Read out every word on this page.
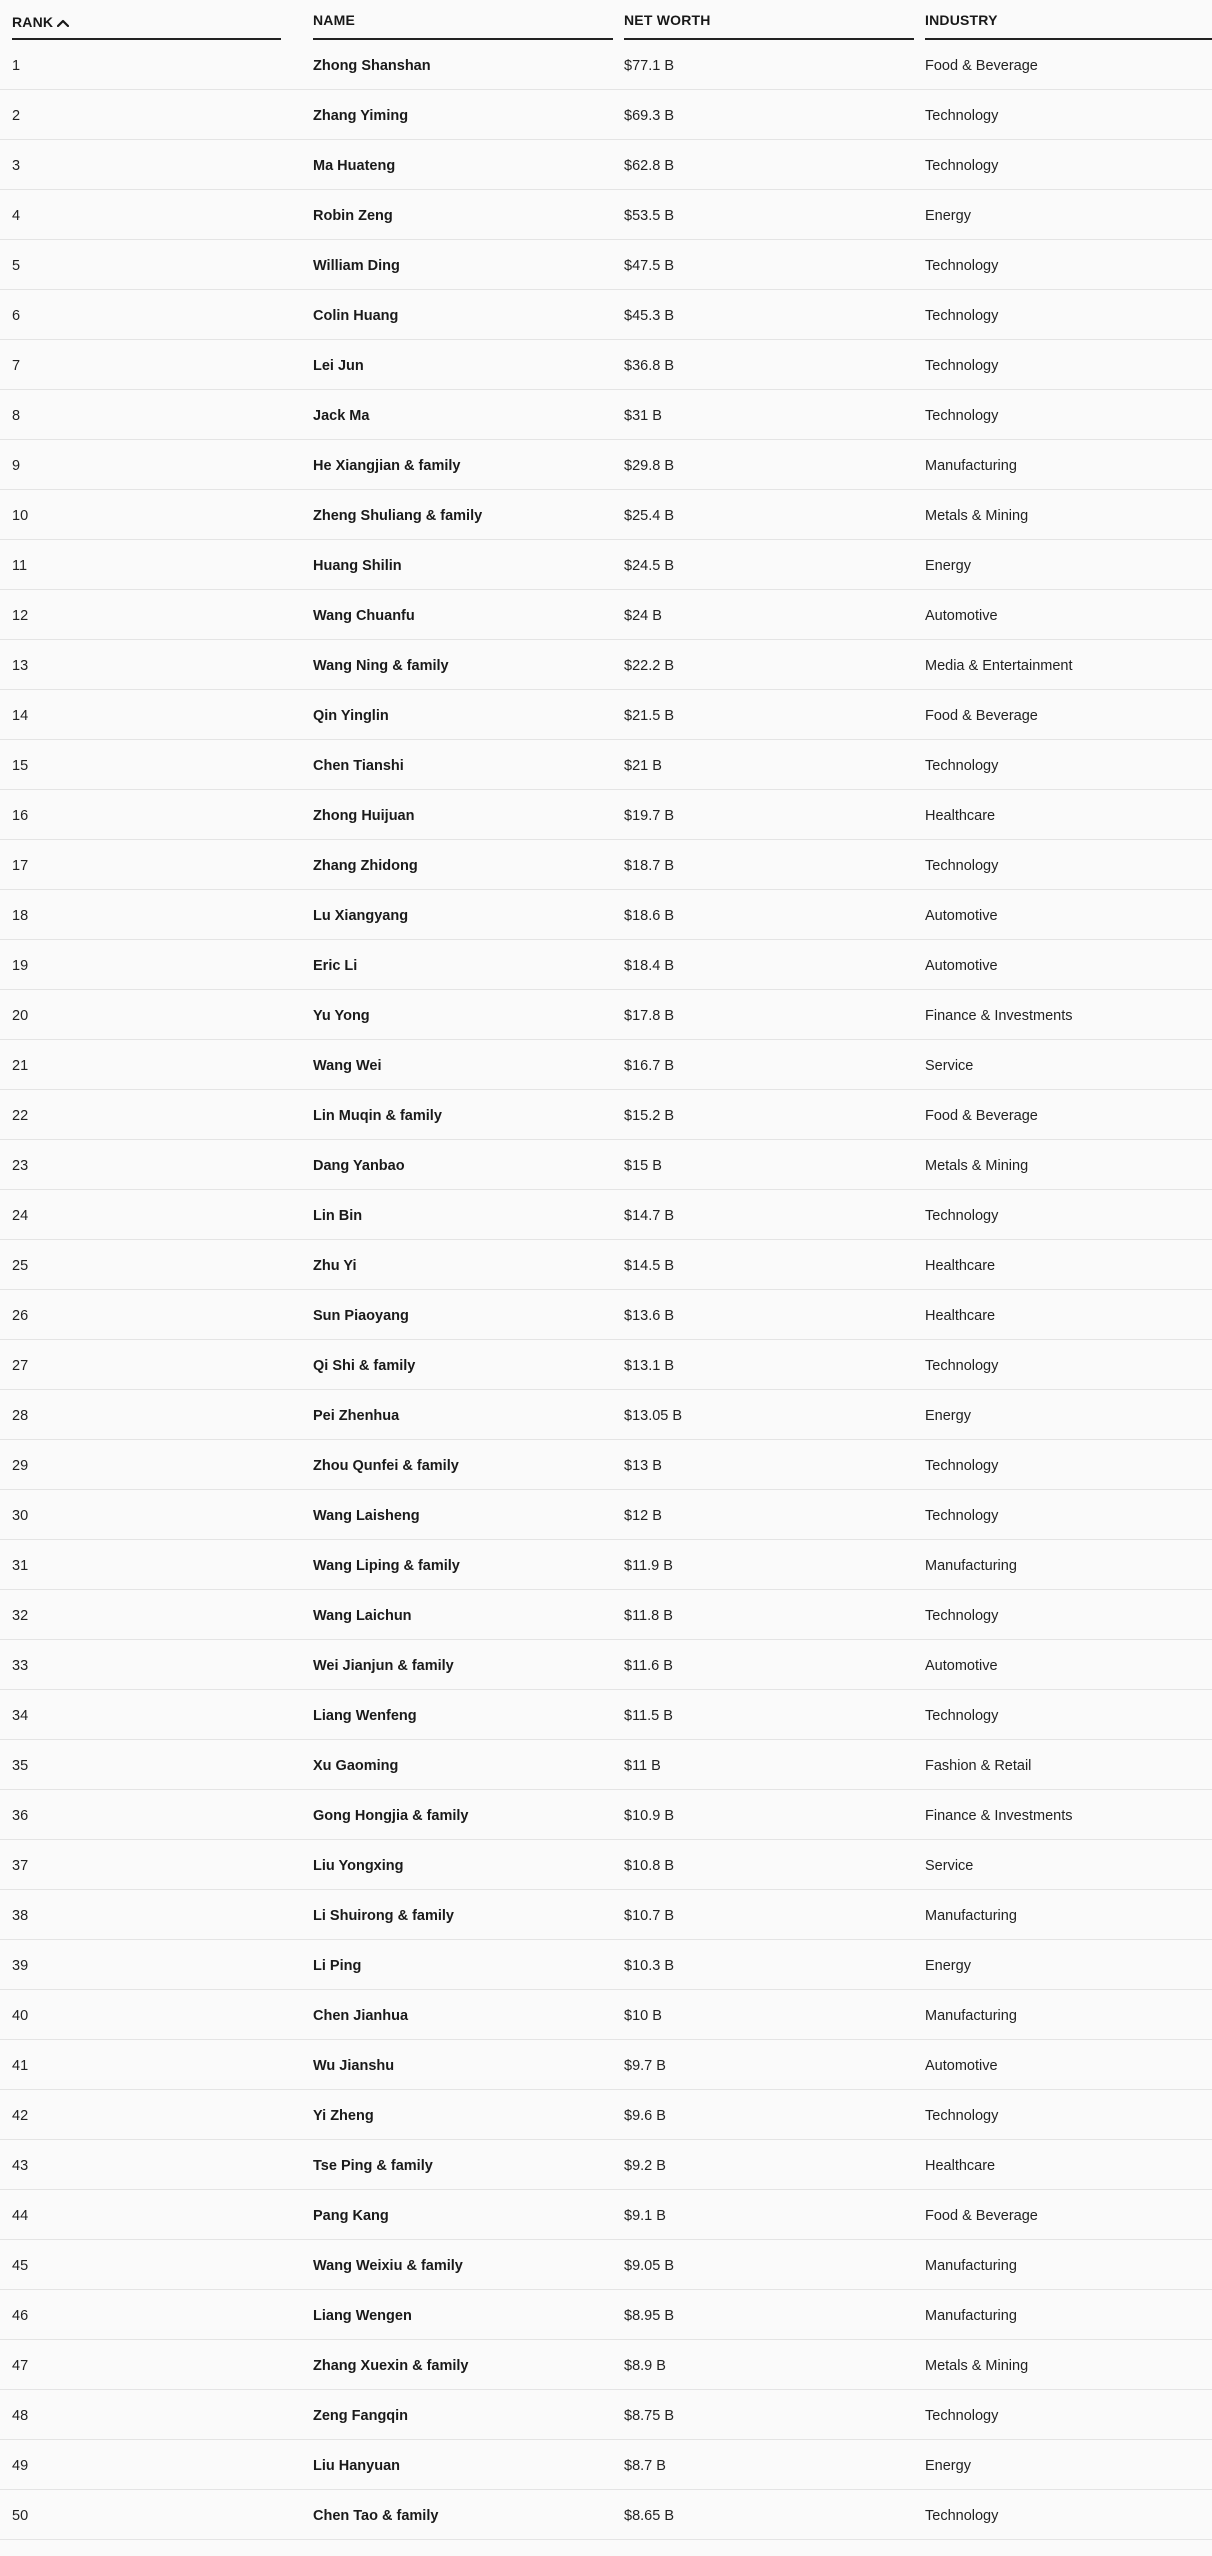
RANK	NAME	NET WORTH	INDUSTRY
1	Zhong Shanshan	$77.1 B	Food & Beverage
2	Zhang Yiming	$69.3 B	Technology
3	Ma Huateng	$62.8 B	Technology
4	Robin Zeng	$53.5 B	Energy
5	William Ding	$47.5 B	Technology
6	Colin Huang	$45.3 B	Technology
7	Lei Jun	$36.8 B	Technology
8	Jack Ma	$31 B	Technology
9	He Xiangjian & family	$29.8 B	Manufacturing
10	Zheng Shuliang & family	$25.4 B	Metals & Mining
11	Huang Shilin	$24.5 B	Energy
12	Wang Chuanfu	$24 B	Automotive
13	Wang Ning & family	$22.2 B	Media & Entertainment
14	Qin Yinglin	$21.5 B	Food & Beverage
15	Chen Tianshi	$21 B	Technology
16	Zhong Huijuan	$19.7 B	Healthcare
17	Zhang Zhidong	$18.7 B	Technology
18	Lu Xiangyang	$18.6 B	Automotive
19	Eric Li	$18.4 B	Automotive
20	Yu Yong	$17.8 B	Finance & Investments
21	Wang Wei	$16.7 B	Service
22	Lin Muqin & family	$15.2 B	Food & Beverage
23	Dang Yanbao	$15 B	Metals & Mining
24	Lin Bin	$14.7 B	Technology
25	Zhu Yi	$14.5 B	Healthcare
26	Sun Piaoyang	$13.6 B	Healthcare
27	Qi Shi & family	$13.1 B	Technology
28	Pei Zhenhua	$13.05 B	Energy
29	Zhou Qunfei & family	$13 B	Technology
30	Wang Laisheng	$12 B	Technology
31	Wang Liping & family	$11.9 B	Manufacturing
32	Wang Laichun	$11.8 B	Technology
33	Wei Jianjun & family	$11.6 B	Automotive
34	Liang Wenfeng	$11.5 B	Technology
35	Xu Gaoming	$11 B	Fashion & Retail
36	Gong Hongjia & family	$10.9 B	Finance & Investments
37	Liu Yongxing	$10.8 B	Service
38	Li Shuirong & family	$10.7 B	Manufacturing
39	Li Ping	$10.3 B	Energy
40	Chen Jianhua	$10 B	Manufacturing
41	Wu Jianshu	$9.7 B	Automotive
42	Yi Zheng	$9.6 B	Technology
43	Tse Ping & family	$9.2 B	Healthcare
44	Pang Kang	$9.1 B	Food & Beverage
45	Wang Weixiu & family	$9.05 B	Manufacturing
46	Liang Wengen	$8.95 B	Manufacturing
47	Zhang Xuexin & family	$8.9 B	Metals & Mining
48	Zeng Fangqin	$8.75 B	Technology
49	Liu Hanyuan	$8.7 B	Energy
50	Chen Tao & family	$8.65 B	Technology
